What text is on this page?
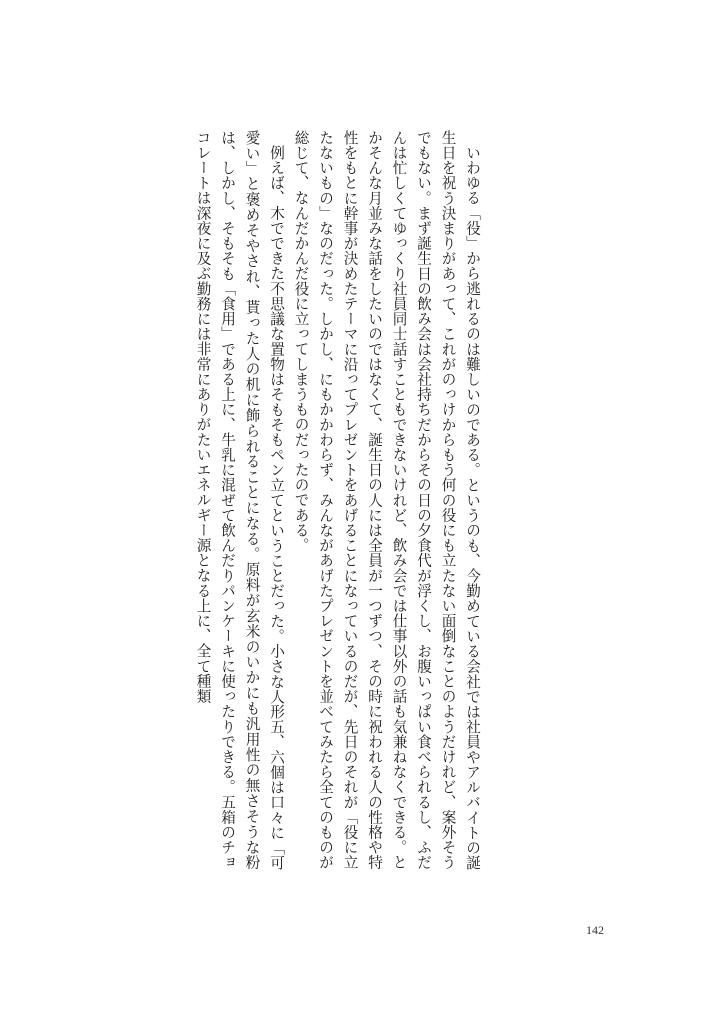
いわゆる「役」から逃れるのは難しいのである。というのも、今勤めている会社では社員やアルバイトの誕生日を祝う決まりがあって、これがのっけからもう何の役にも立たない面倒なことのようだけれど、案外そうでもない。まず誕生日の飲み会は会社持ちだからその日の夕食代が浮くし、お腹いっぱい食べられるし、ふだんは忙しくてゆっくり社員同士話すこともできないけれど、飲み会では仕事以外の話も気兼ねなくできる。とかそんな月並みな話をしたいのではなくて、誕生日の人には全員が一つずつ、その時に祝われる人の性格や特性をもとに幹事が決めたテーマに沿ってプレゼントをあげることになっているのだが、先日のそれが「役に立たないもの」なのだった。しかし、にもかかわらず、みんながあげたプレゼントを並べてみたら全てのものが総じて、なんだかんだ役に立ってしまうものだったのである。

例えば、木でできた不思議な置物はそもそもペン立てということだった。小さな人形五、六個は口々に「可愛い」と褒めそやされ、貰った人の机に飾られることになる。原料が玄米のいかにも汎用性の無さそうな粉は、しかし、そもそも「食用」である上に、牛乳に混ぜて飲んだりパンケーキに使ったりできる。五箱のチョコレートは深夜に及ぶ勤務には非常にありがたいエネルギー源となる上に、全て種類

142
